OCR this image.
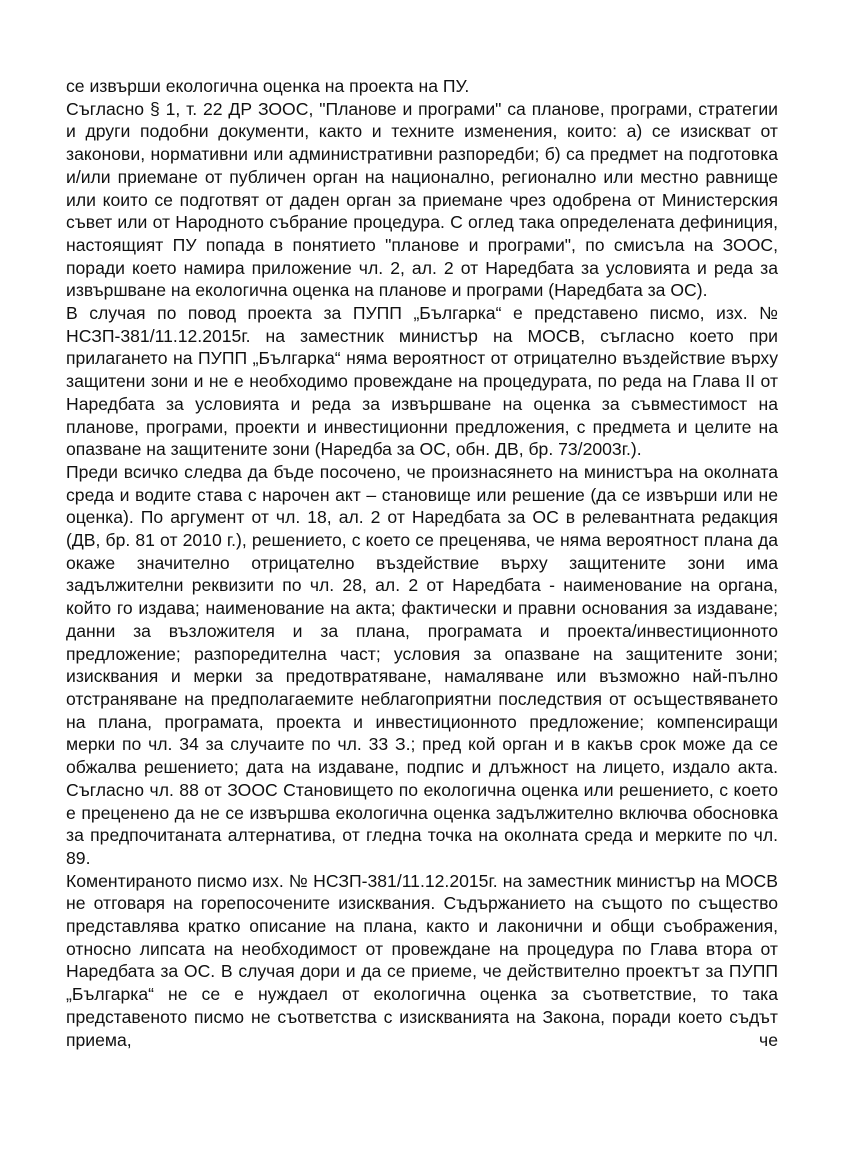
се извърши екологична оценка на проекта на ПУ.

Съгласно § 1, т. 22 ДР ЗООС, "Планове и програми" са планове, програми, стратегии и други подобни документи, както и техните изменения, които: а) се изискват от законови, нормативни или административни разпоредби; б) са предмет на подготовка и/или приемане от публичен орган на национално, регионално или местно равнище или които се подготвят от даден орган за приемане чрез одобрена от Министерския съвет или от Народното събрание процедура. С оглед така определената дефиниция, настоящият ПУ попада в понятието "планове и програми", по смисъла на ЗООС, поради което намира приложение чл. 2, ал. 2 от Наредбата за условията и реда за извършване на екологична оценка на планове и програми (Наредбата за ОС).

В случая по повод проекта за ПУПП „Българка“ е представено писмо, изх. № НСЗП-381/11.12.2015г. на заместник министър на МОСВ, съгласно което при прилагането на ПУПП „Българка“ няма вероятност от отрицателно въздействие върху защитени зони и не е необходимо провеждане на процедурата, по реда на Глава II от Наредбата за условията и реда за извършване на оценка за съвместимост на планове, програми, проекти и инвестиционни предложения, с предмета и целите на опазване на защитените зони (Наредба за ОС, обн. ДВ, бр. 73/2003г.).

Преди всичко следва да бъде посочено, че произнасянето на министъра на околната среда и водите става с нарочен акт – становище или решение (да се извърши или не оценка). По аргумент от чл. 18, ал. 2 от Наредбата за ОС в релевантната редакция (ДВ, бр. 81 от 2010 г.), решението, с което се преценява, че няма вероятност плана да окаже значително отрицателно въздействие върху защитените зони има задължителни реквизити по чл. 28, ал. 2 от Наредбата - наименование на органа, който го издава; наименование на акта; фактически и правни основания за издаване; данни за възложителя и за плана, програмата и проекта/инвестиционното предложение; разпоредителна част; условия за опазване на защитените зони; изисквания и мерки за предотвратяване, намаляване или възможно най-пълно отстраняване на предполагаемите неблагоприятни последствия от осъществяването на плана, програмата, проекта и инвестиционното предложение; компенсиращи мерки по чл. 34 за случаите по чл. 33 З.; пред кой орган и в какъв срок може да се обжалва решението; дата на издаване, подпис и длъжност на лицето, издало акта. Съгласно чл. 88 от ЗООС Становището по екологична оценка или решението, с което е преценено да не се извършва екологична оценка задължително включва обосновка за предпочитаната алтернатива, от гледна точка на околната среда и мерките по чл. 89.

Коментираното писмо изх. № НСЗП-381/11.12.2015г. на заместник министър на МОСВ не отговаря на горепосочените изисквания. Съдържанието на същото по същество представлява кратко описание на плана, както и лаконични и общи съображения, относно липсата на необходимост от провеждане на процедура по Глава втора от Наредбата за ОС. В случая дори и да се приеме, че действително проектът за ПУПП „Българка“ не се е нуждаел от екологична оценка за съответствие, то така представеното писмо не съответства с изискванията на Закона, поради което съдът приема, че
